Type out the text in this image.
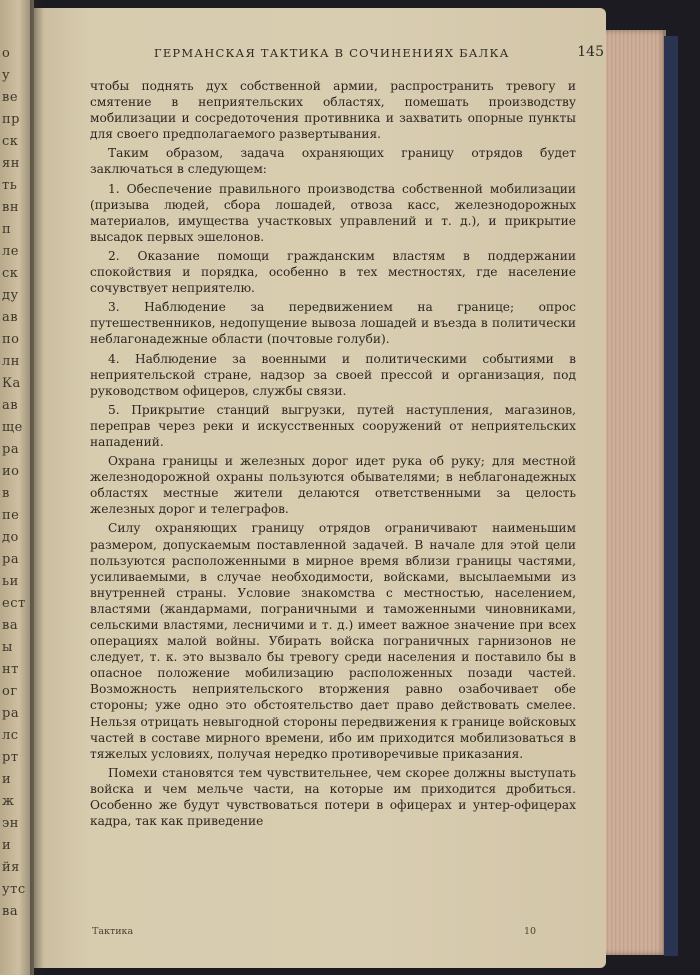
о
у
ве
пр
ск
ян
ть
вн
п
ле
ск
ду
ав
по
лн
Ка
ав
ще
ра
ио
в
пе
до
ра
ьи
ест
ва
ы
нт
ог
ра
лс
рт
и
ж
эн
и
йя
утс
ва
ГЕРМАНСКАЯ ТАКТИКА В СОЧИНЕНИЯХ БАЛКА	145

чтобы поднять дух собственной армии, распространить тревогу и смятение в неприятельских областях, помешать производству мобилизации и сосредоточения противника и захватить опорные пункты для своего предполагаемого развертывания.

Таким образом, задача охраняющих границу отрядов будет заключаться в следующем:

1. Обеспечение правильного производства собственной мобилизации (призыва людей, сбора лошадей, отвоза касс, железнодорожных материалов, имущества участковых управлений и т. д.), и прикрытие высадок первых эшелонов.

2. Оказание помощи гражданским властям в поддержании спокойствия и порядка, особенно в тех местностях, где население сочувствует неприятелю.

3. Наблюдение за передвижением на границе; опрос путешественников, недопущение вывоза лошадей и въезда в политически неблагонадежные области (почтовые голуби).

4. Наблюдение за военными и политическими событиями в неприятельской стране, надзор за своей прессой и организация, под руководством офицеров, службы связи.

5. Прикрытие станций выгрузки, путей наступления, магазинов, переправ через реки и искусственных сооружений от неприятельских нападений.

Охрана границы и железных дорог идет рука об руку; для местной железнодорожной охраны пользуются обывателями; в неблагонадежных областях местные жители делаются ответственными за целость железных дорог и телеграфов.

Силу охраняющих границу отрядов ограничивают наименьшим размером, допускаемым поставленной задачей. В начале для этой цели пользуются расположенными в мирное время вблизи границы частями, усиливаемыми, в случае необходимости, войсками, высылаемыми из внутренней страны. Условие знакомства с местностью, населением, властями (жандармами, пограничными и таможенными чиновниками, сельскими властями, лесничими и т. д.) имеет важное значение при всех операциях малой войны. Убирать войска пограничных гарнизонов не следует, т. к. это вызвало бы тревогу среди населения и поставило бы в опасное положение мобилизацию расположенных позади частей. Возможность неприятельского вторжения равно озабочивает обе стороны; уже одно это обстоятельство дает право действовать смелее. Нельзя отрицать невыгодной стороны передвижения к границе войсковых частей в составе мирного времени, ибо им приходится мобилизоваться в тяжелых условиях, получая нередко противоречивые приказания.

Помехи становятся тем чувствительнее, чем скорее должны выступать войска и чем мельче части, на которые им приходится дробиться. Особенно же будут чувствоваться потери в офицерах и унтер-офицерах кадра, так как приведение

Тактика	10
